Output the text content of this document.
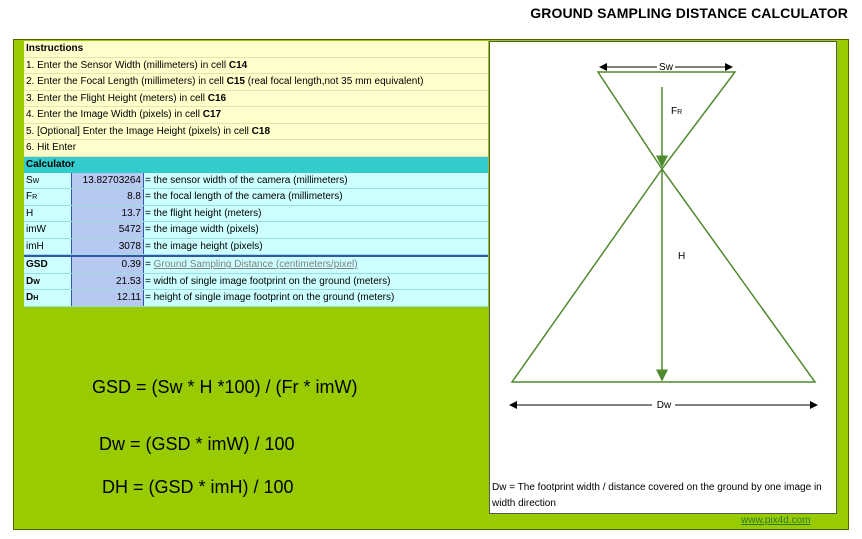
GROUND SAMPLING DISTANCE CALCULATOR
Instructions
1. Enter the Sensor Width (millimeters) in cell C14
2. Enter the Focal Length (millimeters) in cell C15 (real focal length,not 35 mm equivalent)
3. Enter the Flight Height (meters) in cell C16
4. Enter the Image Width (pixels) in cell C17
5. [Optional] Enter the Image Height (pixels) in cell C18
6. Hit Enter
Calculator
SW	13.82703264 = the sensor width of the camera (millimeters)
FR	8.8 = the focal length of the camera (millimeters)
H	13.7 = the flight height (meters)
imW	5472 = the image width (pixels)
imH	3078 = the image height (pixels)
GSD	0.39 = Ground Sampling Distance (centimeters/pixel)
DW	21.53 = width of single image footprint on the ground (meters)
DH	12.11 = height of single image footprint on the ground (meters)
GSD = (Sw * H *100) / (Fr * imW)
Dw = (GSD * imW) / 100
DH = (GSD * imH) / 100
Sw
FR
H
Dw
Dw = The footprint width / distance covered on the ground by one image in width direction
www.pix4d.com
